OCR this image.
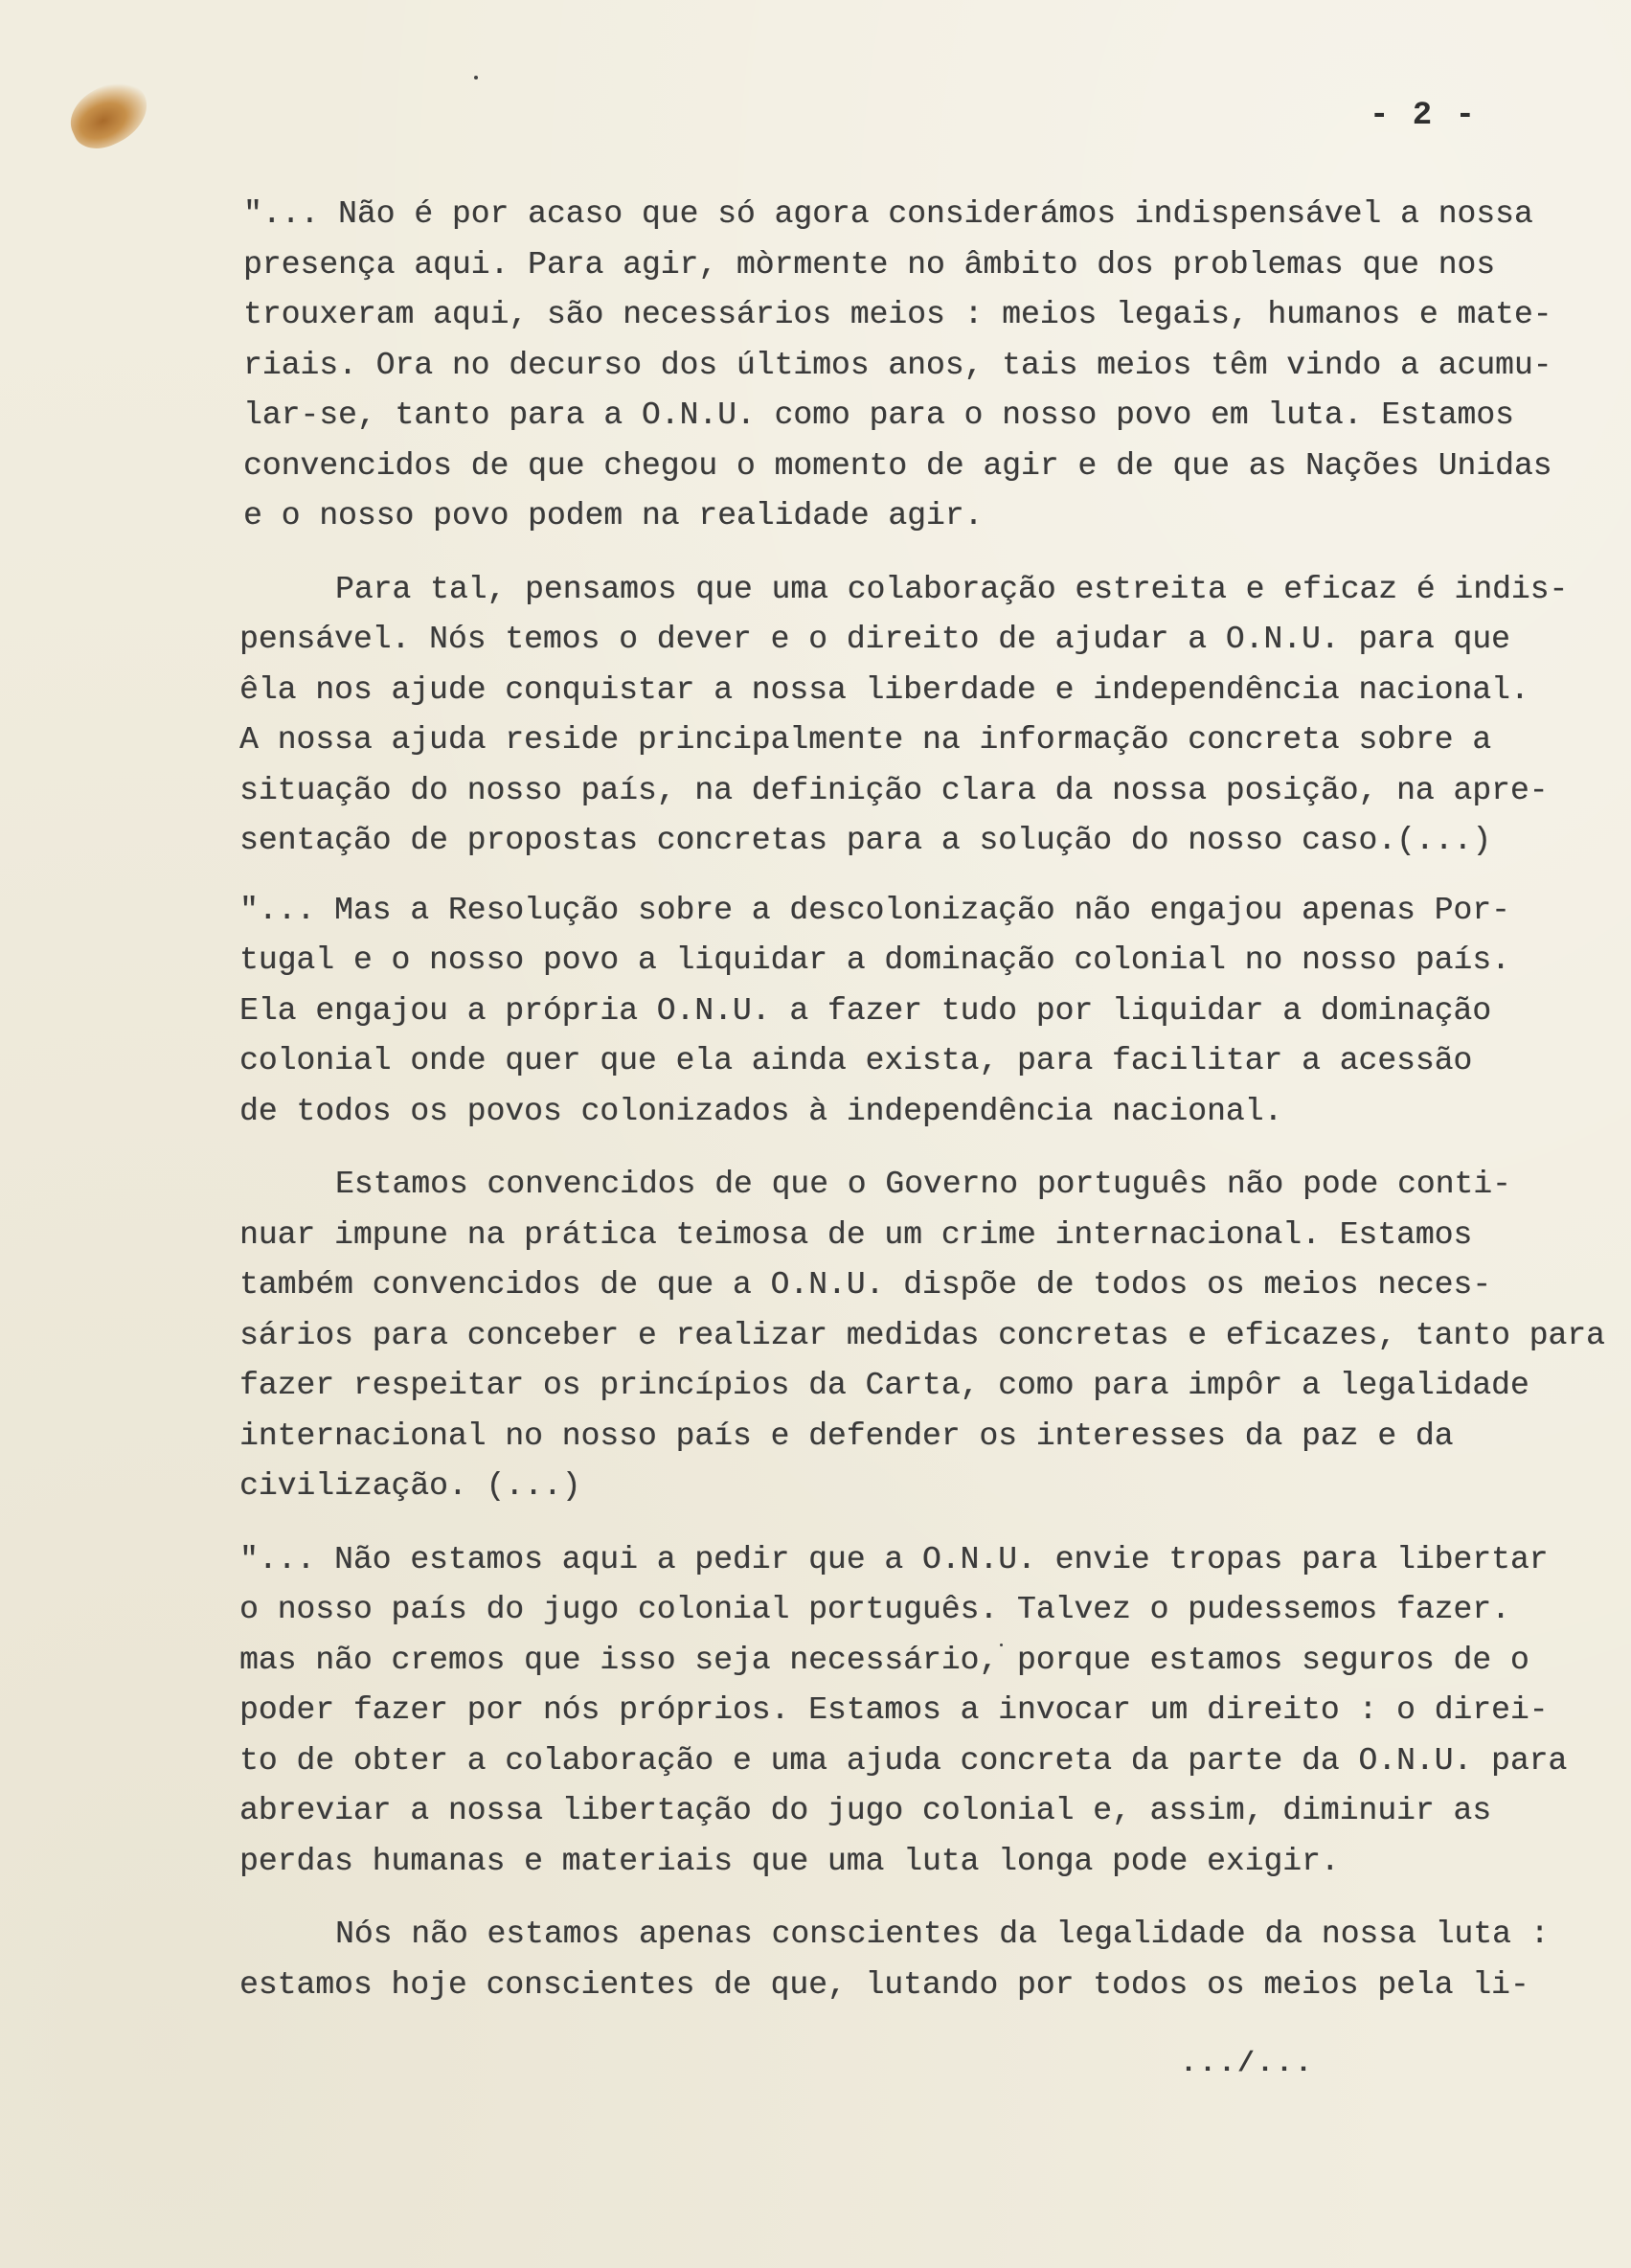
- 2 -
"... Não é por acaso que só agora considerámos indispensável a nossa
presença aqui. Para agir, mòrmente no âmbito dos problemas que nos
trouxeram aqui, são necessários meios : meios legais, humanos e mate-
riais. Ora no decurso dos últimos anos, tais meios têm vindo a acumu-
lar-se, tanto para a O.N.U. como para o nosso povo em luta. Estamos
convencidos de que chegou o momento de agir e de que as Nações Unidas
e o nosso povo podem na realidade agir.
Para tal, pensamos que uma colaboração estreita e eficaz é indis-
pensável. Nós temos o dever e o direito de ajudar a O.N.U. para que
êla nos ajude conquistar a nossa liberdade e independência nacional.
A nossa ajuda reside principalmente na informação concreta sobre a
situação do nosso país, na definição clara da nossa posição, na apre-
sentação de propostas concretas para a solução do nosso caso.(...)
"... Mas a Resolução sobre a descolonização não engajou apenas Por-
tugal e o nosso povo a liquidar a dominação colonial no nosso país.
Ela engajou a própria O.N.U. a fazer tudo por liquidar a dominação
colonial onde quer que ela ainda exista, para facilitar a acessão
de todos os povos colonizados à independência nacional.
Estamos convencidos de que o Governo português não pode conti-
nuar impune na prática teimosa de um crime internacional. Estamos
também convencidos de que a O.N.U. dispõe de todos os meios neces-
sários para conceber e realizar medidas concretas e eficazes, tanto para
fazer respeitar os princípios da Carta, como para impôr a legalidade
internacional no nosso país e defender os interesses da paz e da
civilização. (...)
"... Não estamos aqui a pedir que a O.N.U. envie tropas para libertar
o nosso país do jugo colonial português. Talvez o pudessemos fazer.
mas não cremos que isso seja necessário, porque estamos seguros de o
poder fazer por nós próprios. Estamos a invocar um direito : o direi-
to de obter a colaboração e uma ajuda concreta da parte da O.N.U. para
abreviar a nossa libertação do jugo colonial e, assim, diminuir as
perdas humanas e materiais que uma luta longa pode exigir.
Nós não estamos apenas conscientes da legalidade da nossa luta :
estamos hoje conscientes de que, lutando por todos os meios pela li-
.../...
